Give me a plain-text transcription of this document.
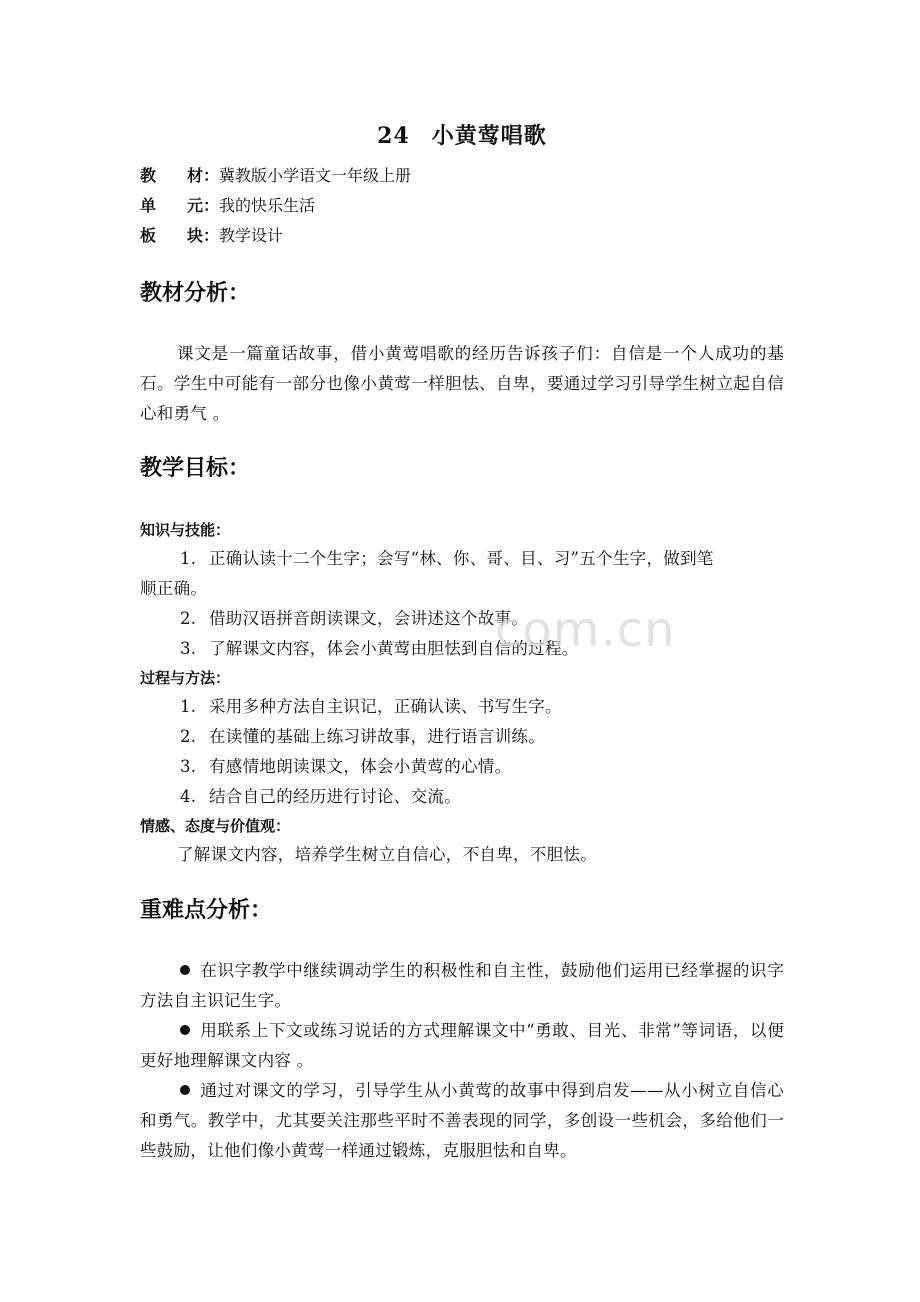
24 小黄莺唱歌
教 材：冀教版小学语文一年级上册
单 元：我的快乐生活
板 块：教学设计
教材分析：
课文是一篇童话故事，借小黄莺唱歌的经历告诉孩子们：自信是一个人成功的基石。学生中可能有一部分也像小黄莺一样胆怯、自卑，要通过学习引导学生树立起自信心和勇气 。
教学目标：
知识与技能：
1. 正确认读十二个生字；会写“林、你、哥、目、习”五个生字，做到笔
顺正确。
2. 借助汉语拼音朗读课文，会讲述这个故事。
3. 了解课文内容，体会小黄莺由胆怯到自信的过程。
过程与方法：
1. 采用多种方法自主识记，正确认读、书写生字。
2. 在读懂的基础上练习讲故事，进行语言训练。
3. 有感情地朗读课文，体会小黄莺的心情。
4. 结合自己的经历进行讨论、交流。
情感、态度与价值观：
了解课文内容，培养学生树立自信心，不自卑，不胆怯。
重难点分析：
在识字教学中继续调动学生的积极性和自主性，鼓励他们运用已经掌握的识字方法自主识记生字。
用联系上下文或练习说话的方式理解课文中“勇敢、目光、非常”等词语，以便更好地理解课文内容 。
通过对课文的学习，引导学生从小黄莺的故事中得到启发——从小树立自信心和勇气。教学中，尤其要关注那些平时不善表现的同学，多创设一些机会，多给他们一些鼓励，让他们像小黄莺一样通过锻炼，克服胆怯和自卑。
com.cn
